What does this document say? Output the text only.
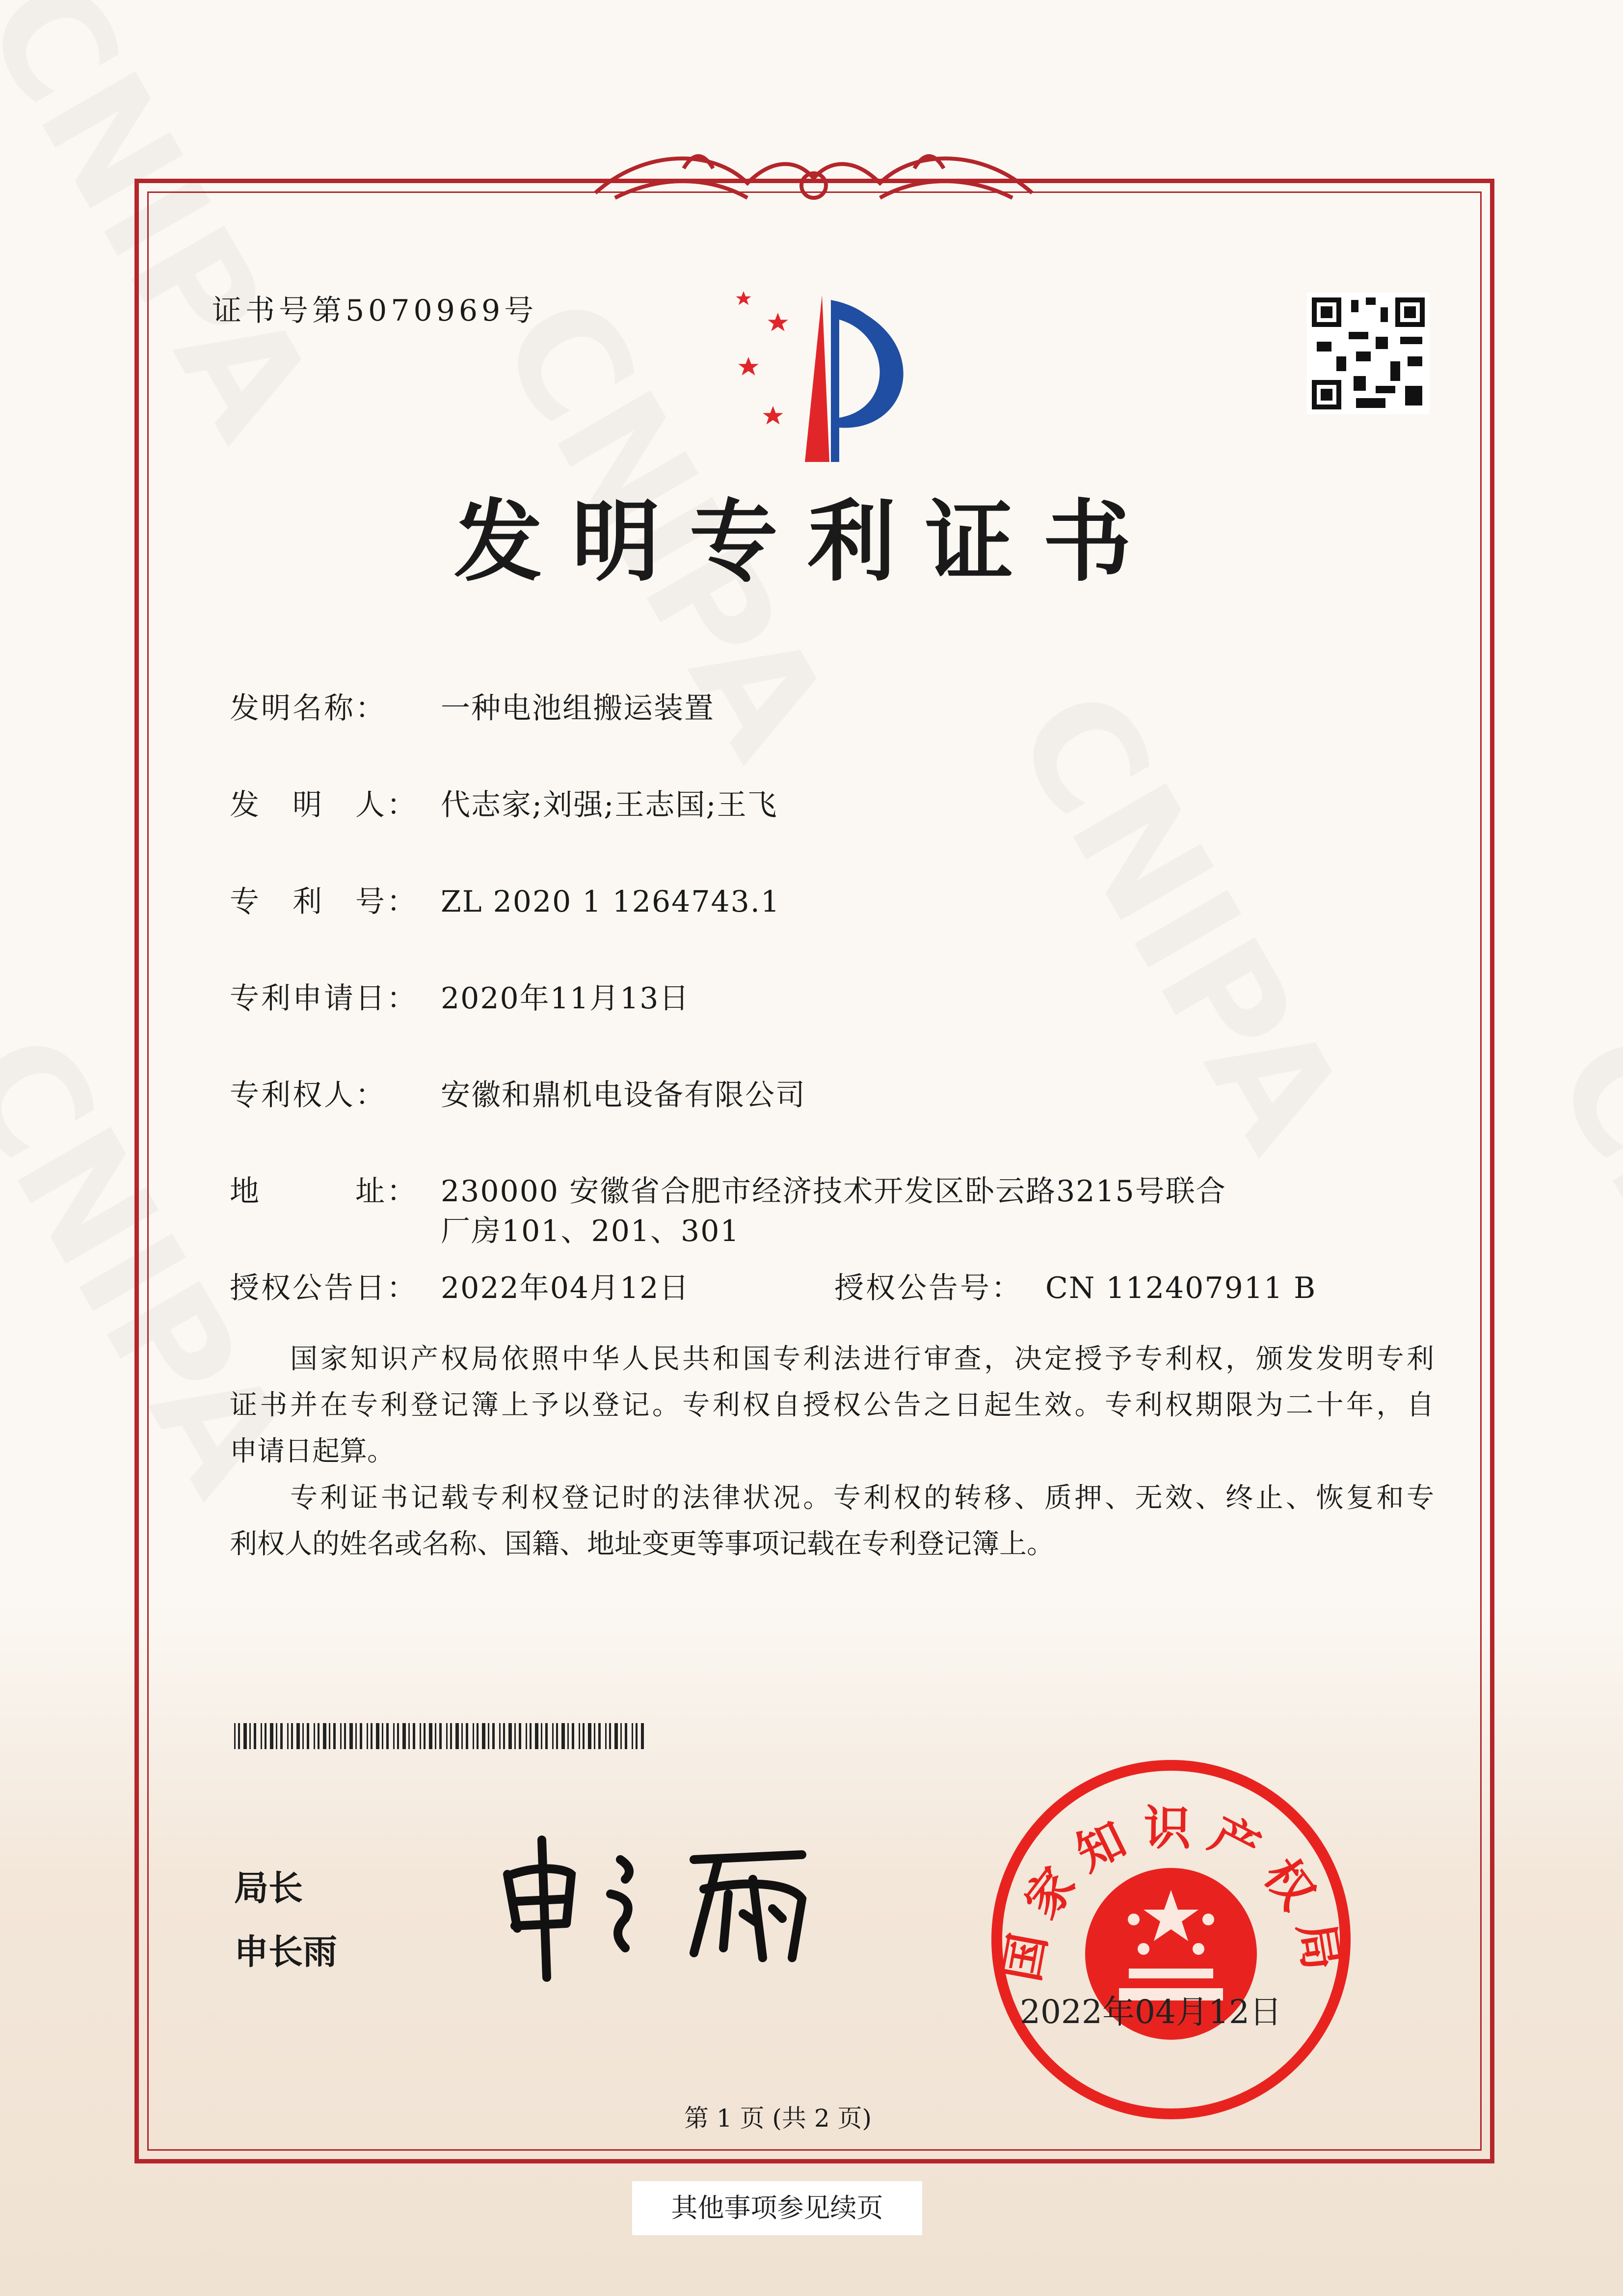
证书号第5070969号
发明专利证书
发明名称： 一种电池组搬运装置
发　明　人： 代志家;刘强;王志国;王飞
专　利　号： ZL 2020 1 1264743.1
专利申请日： 2020年11月13日
专利权人： 安徽和鼎机电设备有限公司
地　　　址： 230000 安徽省合肥市经济技术开发区卧云路3215号联合
厂房101、201、301
授权公告日： 2022年04月12日	授权公告号： CN 112407911 B
　　国家知识产权局依照中华人民共和国专利法进行审查，决定授予专利权，颁发发明专利
证书并在专利登记簿上予以登记。专利权自授权公告之日起生效。专利权期限为二十年，自
申请日起算。
　　专利证书记载专利权登记时的法律状况。专利权的转移、质押、无效、终止、恢复和专
利权人的姓名或名称、国籍、地址变更等事项记载在专利登记簿上。
局长
申长雨	国家知识产权局
2022年04月12日
第 1 页 (共 2 页)
其他事项参见续页
